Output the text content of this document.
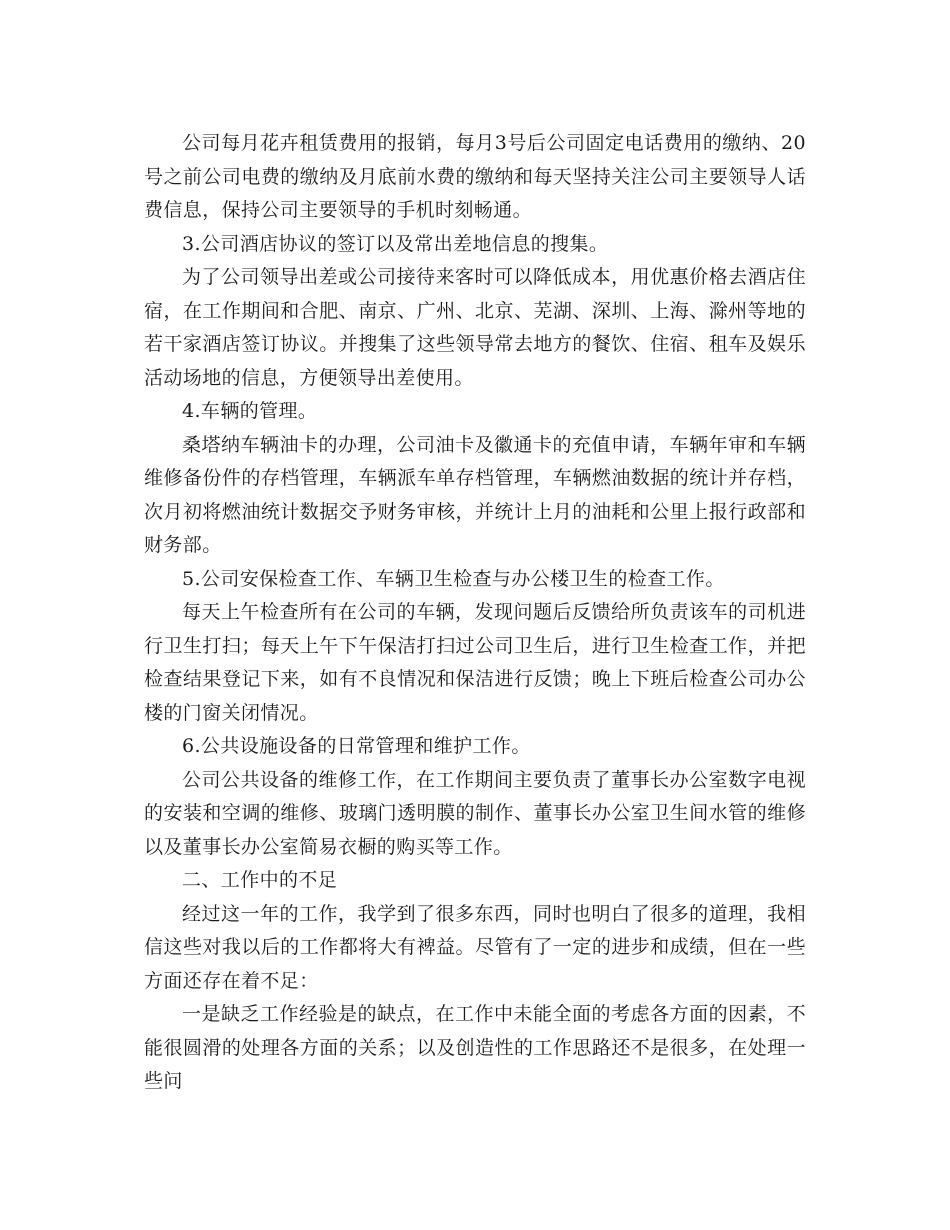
公司每月花卉租赁费用的报销，每月3号后公司固定电话费用的缴纳、20号之前公司电费的缴纳及月底前水费的缴纳和每天坚持关注公司主要领导人话费信息，保持公司主要领导的手机时刻畅通。

3.公司酒店协议的签订以及常出差地信息的搜集。

为了公司领导出差或公司接待来客时可以降低成本，用优惠价格去酒店住宿，在工作期间和合肥、南京、广州、北京、芜湖、深圳、上海、滁州等地的若干家酒店签订协议。并搜集了这些领导常去地方的餐饮、住宿、租车及娱乐活动场地的信息，方便领导出差使用。

4.车辆的管理。

桑塔纳车辆油卡的办理，公司油卡及徽通卡的充值申请，车辆年审和车辆维修备份件的存档管理，车辆派车单存档管理，车辆燃油数据的统计并存档，次月初将燃油统计数据交予财务审核，并统计上月的油耗和公里上报行政部和财务部。

5.公司安保检查工作、车辆卫生检查与办公楼卫生的检查工作。

每天上午检查所有在公司的车辆，发现问题后反馈给所负责该车的司机进行卫生打扫；每天上午下午保洁打扫过公司卫生后，进行卫生检查工作，并把检查结果登记下来，如有不良情况和保洁进行反馈；晚上下班后检查公司办公楼的门窗关闭情况。

6.公共设施设备的日常管理和维护工作。

公司公共设备的维修工作，在工作期间主要负责了董事长办公室数字电视的安装和空调的维修、玻璃门透明膜的制作、董事长办公室卫生间水管的维修以及董事长办公室简易衣橱的购买等工作。

二、工作中的不足

经过这一年的工作，我学到了很多东西，同时也明白了很多的道理，我相信这些对我以后的工作都将大有裨益。尽管有了一定的进步和成绩，但在一些方面还存在着不足：

一是缺乏工作经验是的缺点，在工作中未能全面的考虑各方面的因素，不能很圆滑的处理各方面的关系；以及创造性的工作思路还不是很多，在处理一些问
